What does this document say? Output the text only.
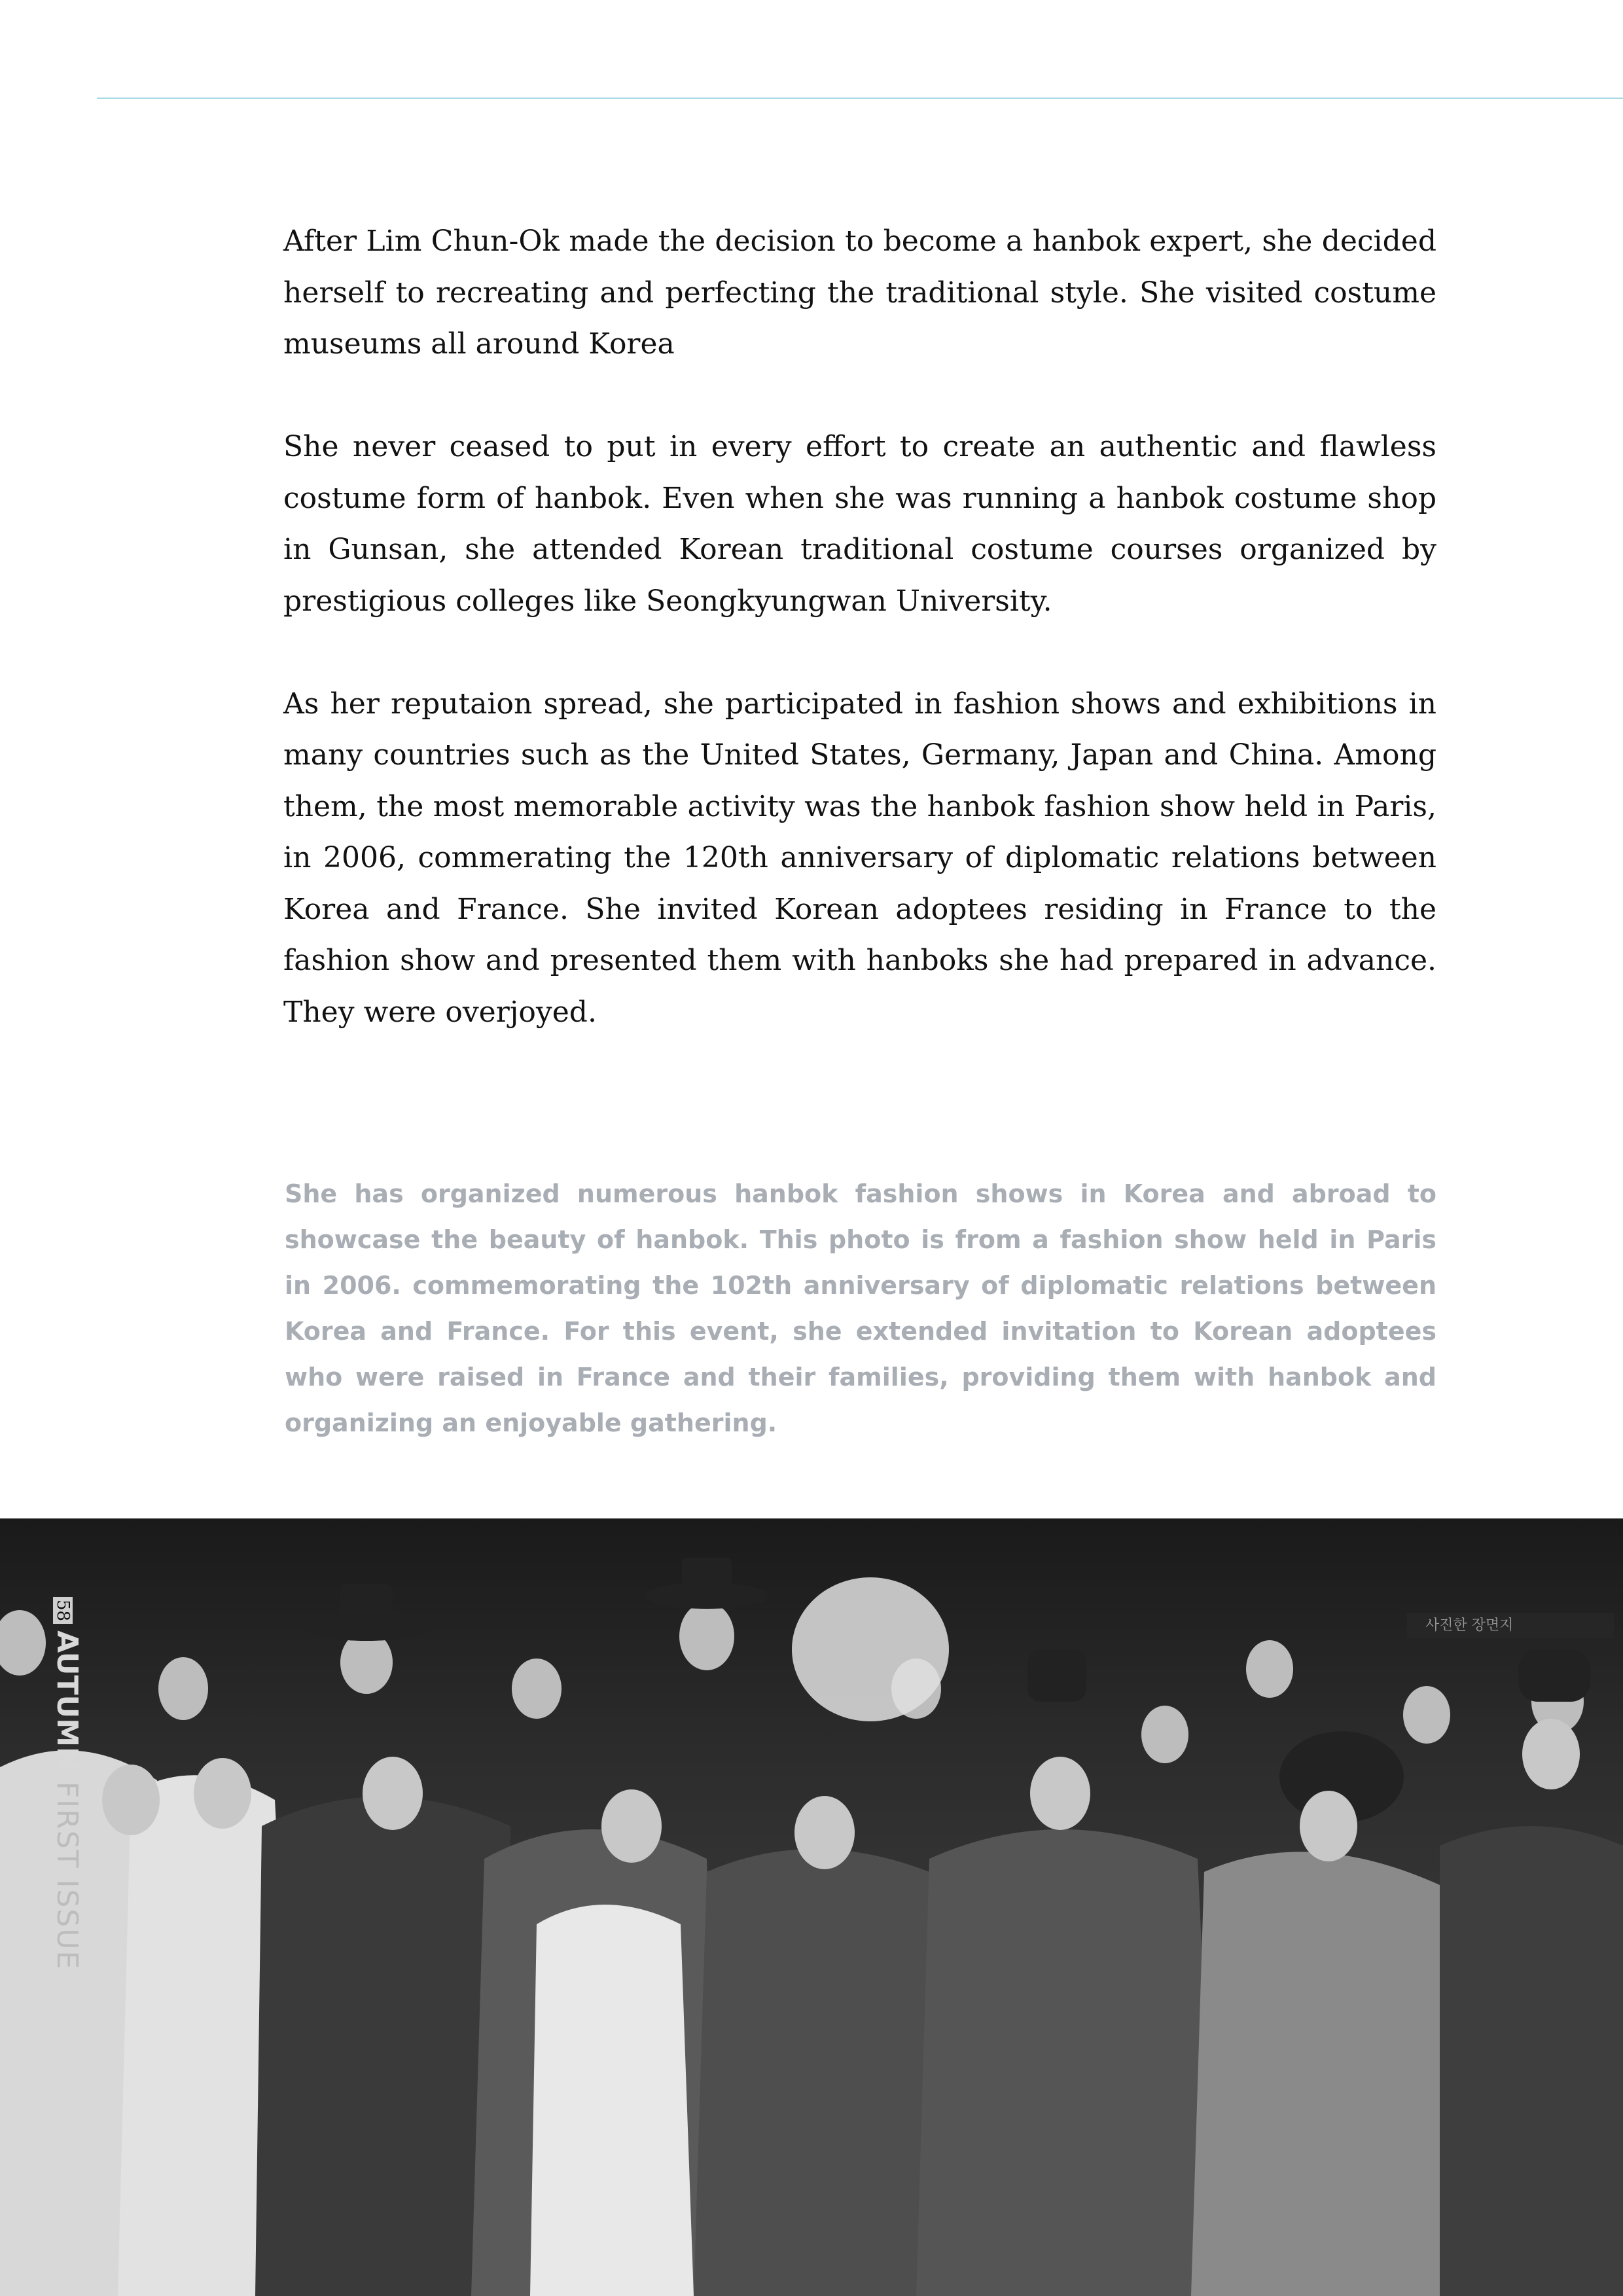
After Lim Chun-Ok made the decision to become a hanbok expert, she decided herself to recreating and perfecting the traditional style. She visited costume museums all around Korea

She never ceased to put in every effort to create an authentic and flawless costume form of hanbok. Even when she was running a hanbok costume shop in Gunsan, she attended Korean traditional costume courses organized by prestigious colleges like Seongkyungwan University.

As her reputaion spread, she participated in fashion shows and exhibitions in many countries such as the United States, Germany, Japan and China. Among them, the most memorable activity was the hanbok fashion show held in Paris, in 2006, commerating the 120th anniversary of diplomatic relations between Korea and France. She invited Korean adoptees residing in France to the fashion show and presented them with hanboks she had prepared in advance. They were overjoyed.

She has organized numerous hanbok fashion shows in Korea and abroad to showcase the beauty of hanbok. This photo is from a fashion show held in Paris in 2006. commemorating the 102th anniversary of diplomatic relations between Korea and France. For this event, she extended invitation to Korean adoptees who were raised in France and their families, providing them with hanbok and organizing an enjoyable gathering.

58AUTUMN FIRST ISSUE
사진한 장면지
